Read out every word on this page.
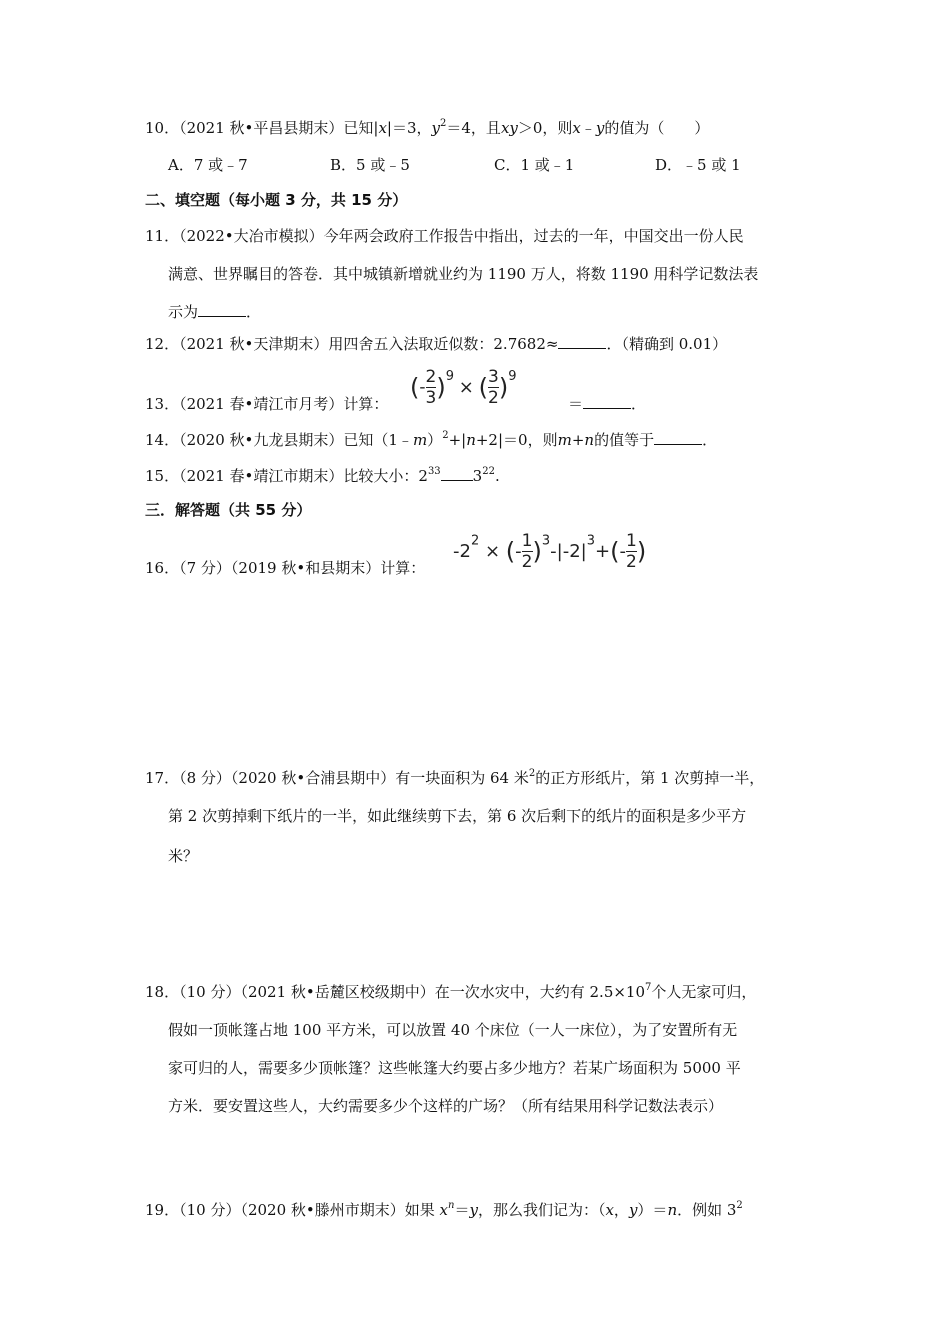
10．（2021 秋•平昌县期末）已知|x|＝3，$y^2=4$，且xy＞0，则x﹣y的值为（　　）
A．7 或﹣7	B．5 或﹣5	C．1 或﹣1	D．﹣5 或 1
二、填空题（每小题 3 分，共 15 分）
11．（2022•大冶市模拟）今年两会政府工作报告中指出，过去的一年，中国交出一份人民
满意、世界瞩目的答卷．其中城镇新增就业约为 1190 万人，将数 1190 用科学记数法表
示为	．
12．（2021 秋•天津期末）用四舍五入法取近似数：2.7682≈	．（精确到 0.01）
13．（2021 春•靖江市月考）计算：
(- $\frac{2}{3} )9$ × ( $\frac{3}{2} )9$
＝	．
14．（2020 秋•九龙县期末）已知（1﹣m）$^2$+|n+2|＝0，则m+n的值等于	．
15．（2021 春•靖江市期末）比较大小：$2^{33}$ $3^{22}$.
三．解答题（共 55 分）
16．（7 分）（2019 秋•和县期末）计算：
$-2^2$ × (- $\frac{1}{2} )^3-|-2|^3+(- \frac{1}{2}$ )
17．（8 分）（2020 秋•合浦县期中）有一块面积为 64 米$^2$的正方形纸片，第 1 次剪掉一半，
第 2 次剪掉剩下纸片的一半，如此继续剪下去，第 6 次后剩下的纸片的面积是多少平方
米？
18．（10 分）（2021 秋•岳麓区校级期中）在一次水灾中，大约有 $2.5\times 10^7$个人无家可归，
假如一顶帐篷占地 100 平方米，可以放置 40 个床位（一人一床位），为了安置所有无
家可归的人，需要多少顶帐篷？这些帐篷大约要占多少地方？若某广场面积为 5000 平
方米．要安置这些人，大约需要多少个这样的广场？（所有结果用科学记数法表示）
19．（10 分）（2020 秋•滕州市期末）如果 $x^n=y$，那么我们记为：（x，y）＝n．例如 $3^2$
